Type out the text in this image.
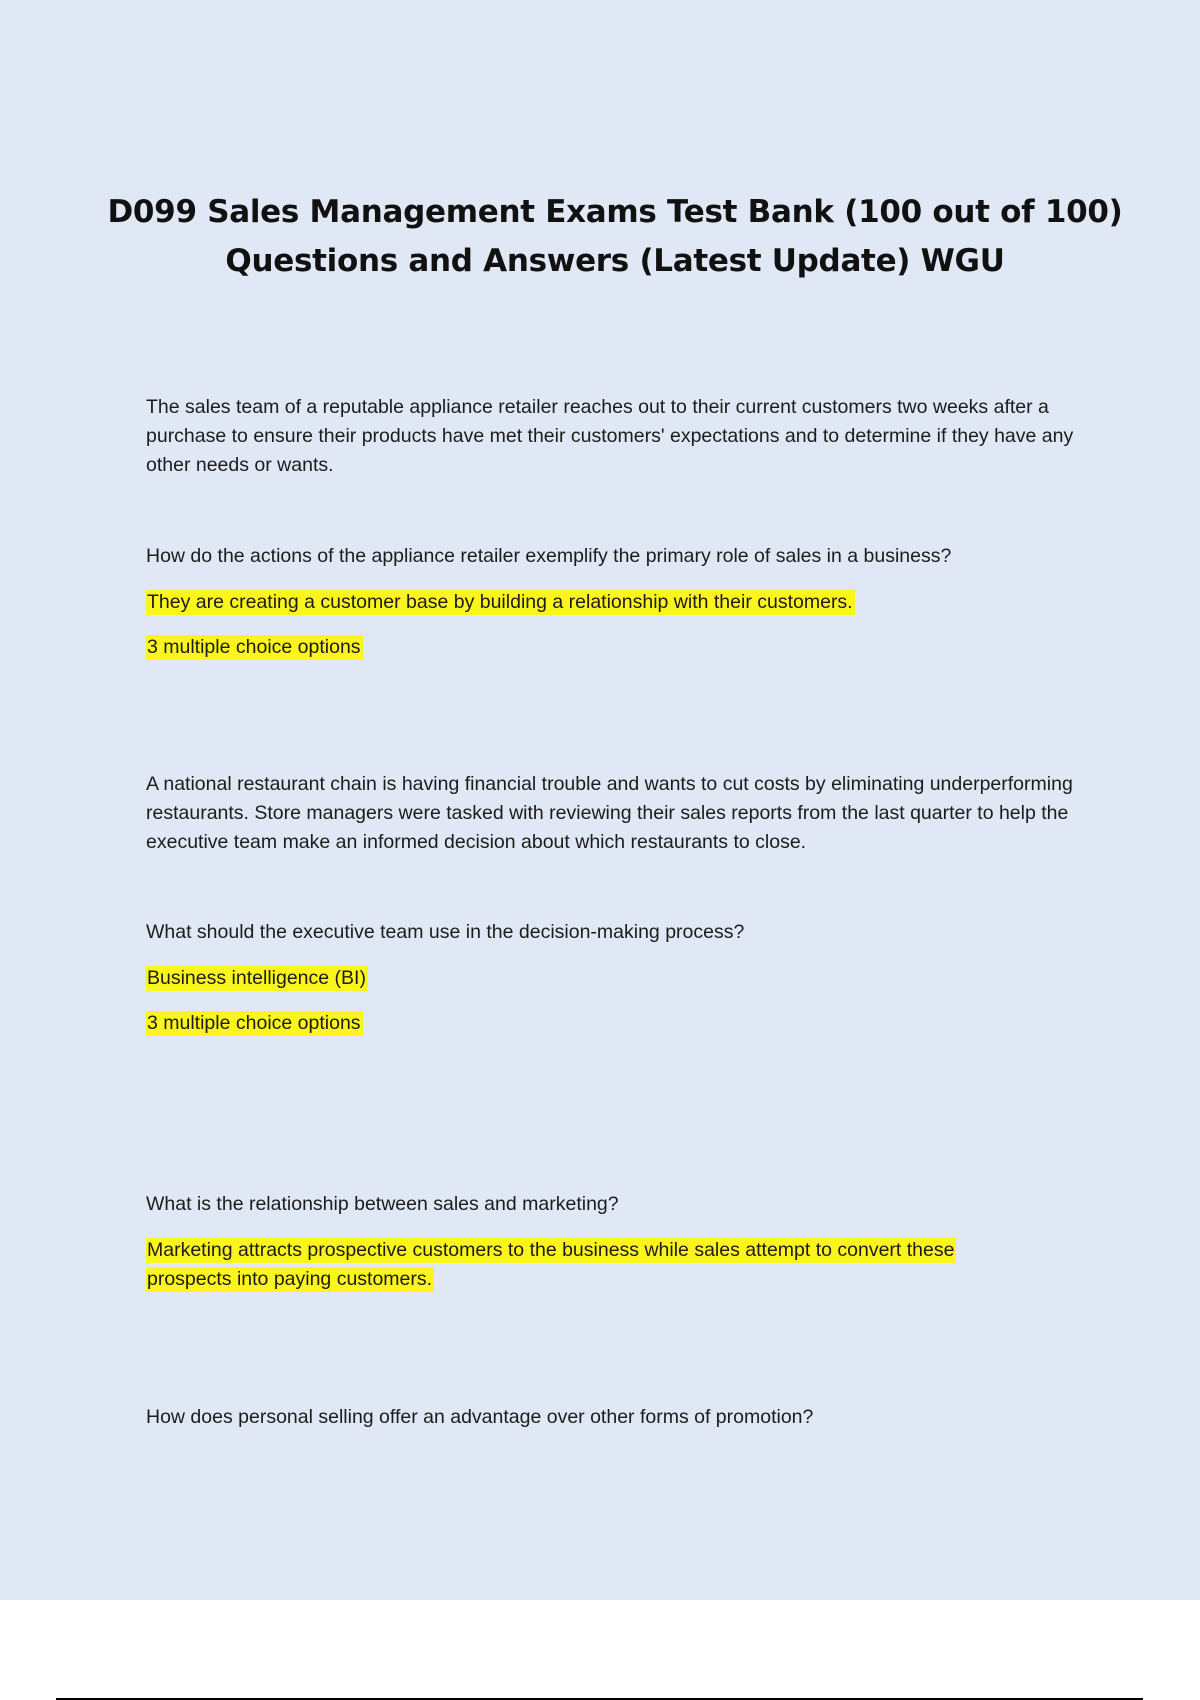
D099 Sales Management Exams Test Bank (100 out of 100) Questions and Answers (Latest Update) WGU

The sales team of a reputable appliance retailer reaches out to their current customers two weeks after a purchase to ensure their products have met their customers' expectations and to determine if they have any other needs or wants.

How do the actions of the appliance retailer exemplify the primary role of sales in a business?

They are creating a customer base by building a relationship with their customers.

3 multiple choice options

A national restaurant chain is having financial trouble and wants to cut costs by eliminating underperforming restaurants. Store managers were tasked with reviewing their sales reports from the last quarter to help the executive team make an informed decision about which restaurants to close.

What should the executive team use in the decision-making process?

Business intelligence (BI)

3 multiple choice options

What is the relationship between sales and marketing?

Marketing attracts prospective customers to the business while sales attempt to convert these prospects into paying customers.

How does personal selling offer an advantage over other forms of promotion?
